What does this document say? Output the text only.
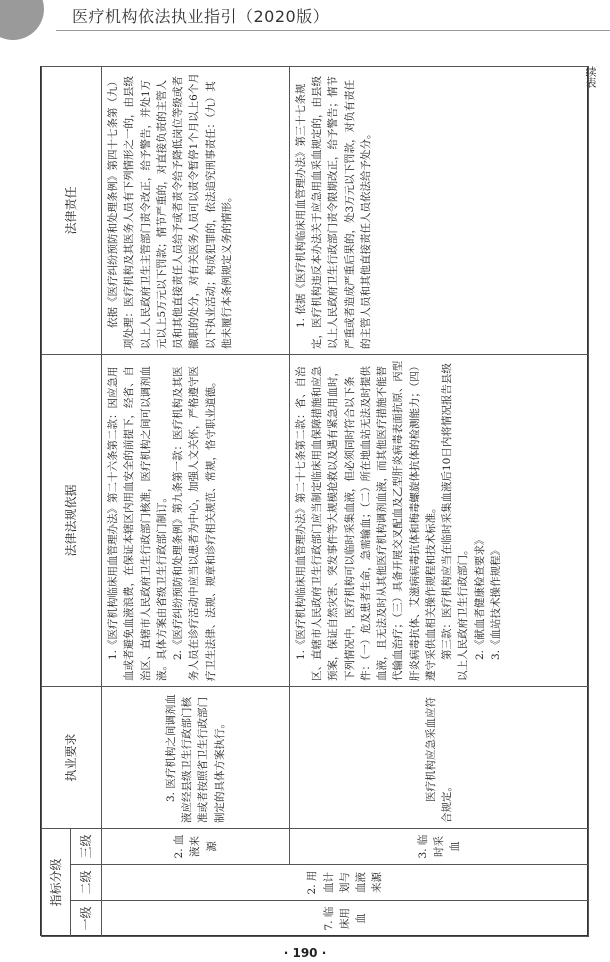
医疗机构依法执业指引（2020版）
续表
指标分级			执业要求	法律法规依据	法律责任
一级	二级	三级			
7. 临床用血	2. 用血计划与血液来源	2. 血液来源	3. 医疗机构之间调剂血液应经县级卫生行政部门核准或者按照省卫生行政部门制定的具体方案执行。	1.《医疗机构临床用血管理办法》第二十六条第二款：因应急用血或者避免血液浪费，在保证本辖区内用血安全的前提下，经省、自治区、直辖市人民政府卫生行政部门核准，医疗机构之间可以调剂血液。具体方案由省级卫生行政部门制订。 2.《医疗纠纷预防和处理条例》第九条第一款：医疗机构及其医务人员在诊疗活动中应当以患者为中心，加强人文关怀，严格遵守医疗卫生法律、法规、规章和诊疗相关规范、常规，恪守职业道德。	依据《医疗纠纷预防和处理条例》第四十七条第（九）项处理：医疗机构及其医务人员有下列情形之一的，由县级以上人民政府卫生主管部门责令改正，给予警告，并处1万元以上5万元以下罚款；情节严重的，对直接负责的主管人员和其他直接责任人员给予或者责令给予降低岗位等级或者撤职的处分，对有关医务人员可以责令暂停1个月以上6个月以下执业活动；构成犯罪的，依法追究刑事责任：（九）其他未履行本条例规定义务的情形。

		3. 临时采血	医疗机构应急采血应符合规定。	1.《医疗机构临床用血管理办法》第二十七条第二款：省、自治区、直辖市人民政府卫生行政部门应当制定临床用血保障措施和应急预案，保证自然灾害、突发事件等大规模抢救以及遇有紧急用血时，下列情况中，医疗机构可以临时采集血液，但必须同时符合以下条件：（一）危及患者生命，急需输血；（二）所在地血站无法及时提供血液，且无法及时从其他医疗机构调剂血液，而其他医疗措施不能替代输血治疗；（三）具备开展交叉配血及乙型肝炎病毒表面抗原、丙型肝炎病毒抗体、艾滋病病毒抗体和梅毒螺旋体抗体的检测能力；（四）遵守采供血相关操作规程和技术标准。 第三款：医疗机构应当在临时采集血液后10日内将情况报告县级以上人民政府卫生行政部门。 2.《献血者健康检查要求》 3.《血站技术操作规程》	1. 依据《医疗机构临床用血管理办法》第三十七条规定，医疗机构违反本办法关于应急用血采血规定的，由县级以上人民政府卫生行政部门责令限期改正，给予警告；情节严重或者造成严重后果的，处3万元以下罚款，对负有责任的主管人员和其他直接责任人员依法给予处分。

· 190 ·
